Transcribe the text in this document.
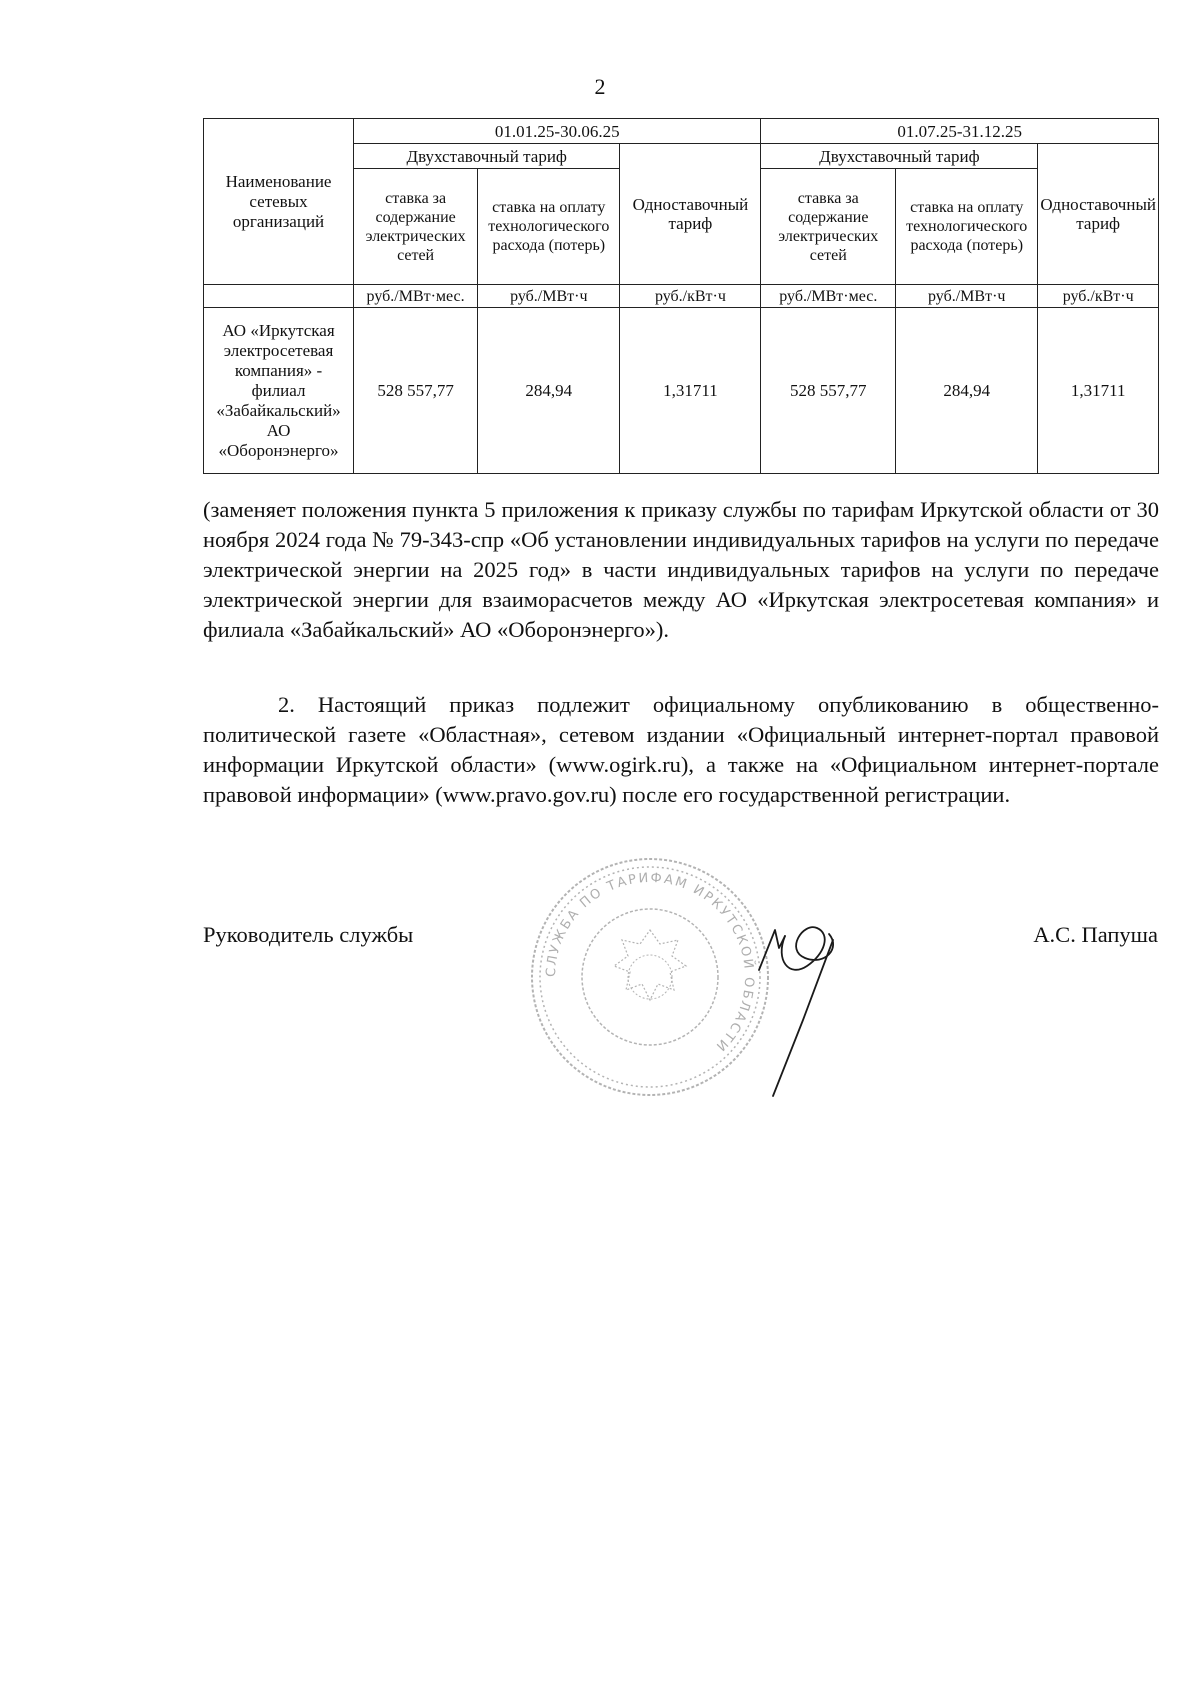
2
Наименование сетевых организаций	01.01.25-30.06.25			01.07.25-31.12.25		
	Двухставочный тариф		Одноставочный тариф	Двухставочный тариф		Одноставочный тариф
	ставка за содержание электрических сетей	ставка на оплату технологического расхода (потерь)		ставка за содержание электрических сетей	ставка на оплату технологического расхода (потерь)	
	руб./МВт·мес.	руб./МВт·ч	руб./кВт·ч	руб./МВт·мес.	руб./МВт·ч	руб./кВт·ч
АО «Иркутская электросетевая компания» - филиал «Забайкальский» АО «Оборонэнерго»	528 557,77	284,94	1,31711	528 557,77	284,94	1,31711
(заменяет положения пункта 5 приложения к приказу службы по тарифам Иркутской области от 30 ноября 2024 года № 79-343-спр «Об установлении индивидуальных тарифов на услуги по передаче электрической энергии на 2025 год» в части индивидуальных тарифов на услуги по передаче электрической энергии для взаиморасчетов между АО «Иркутская электросетевая компания» и филиала «Забайкальский» АО «Оборонэнерго»).
2. Настоящий приказ подлежит официальному опубликованию в общественно-политической газете «Областная», сетевом издании «Официальный интернет-портал правовой информации Иркутской области» (www.ogirk.ru), а также на «Официальном интернет-портале правовой информации» (www.pravo.gov.ru) после его государственной регистрации.
Руководитель службы	А.С. Папуша
СЛУЖБА ПО ТАРИФАМ ИРКУТСКОЙ ОБЛАСТИ
